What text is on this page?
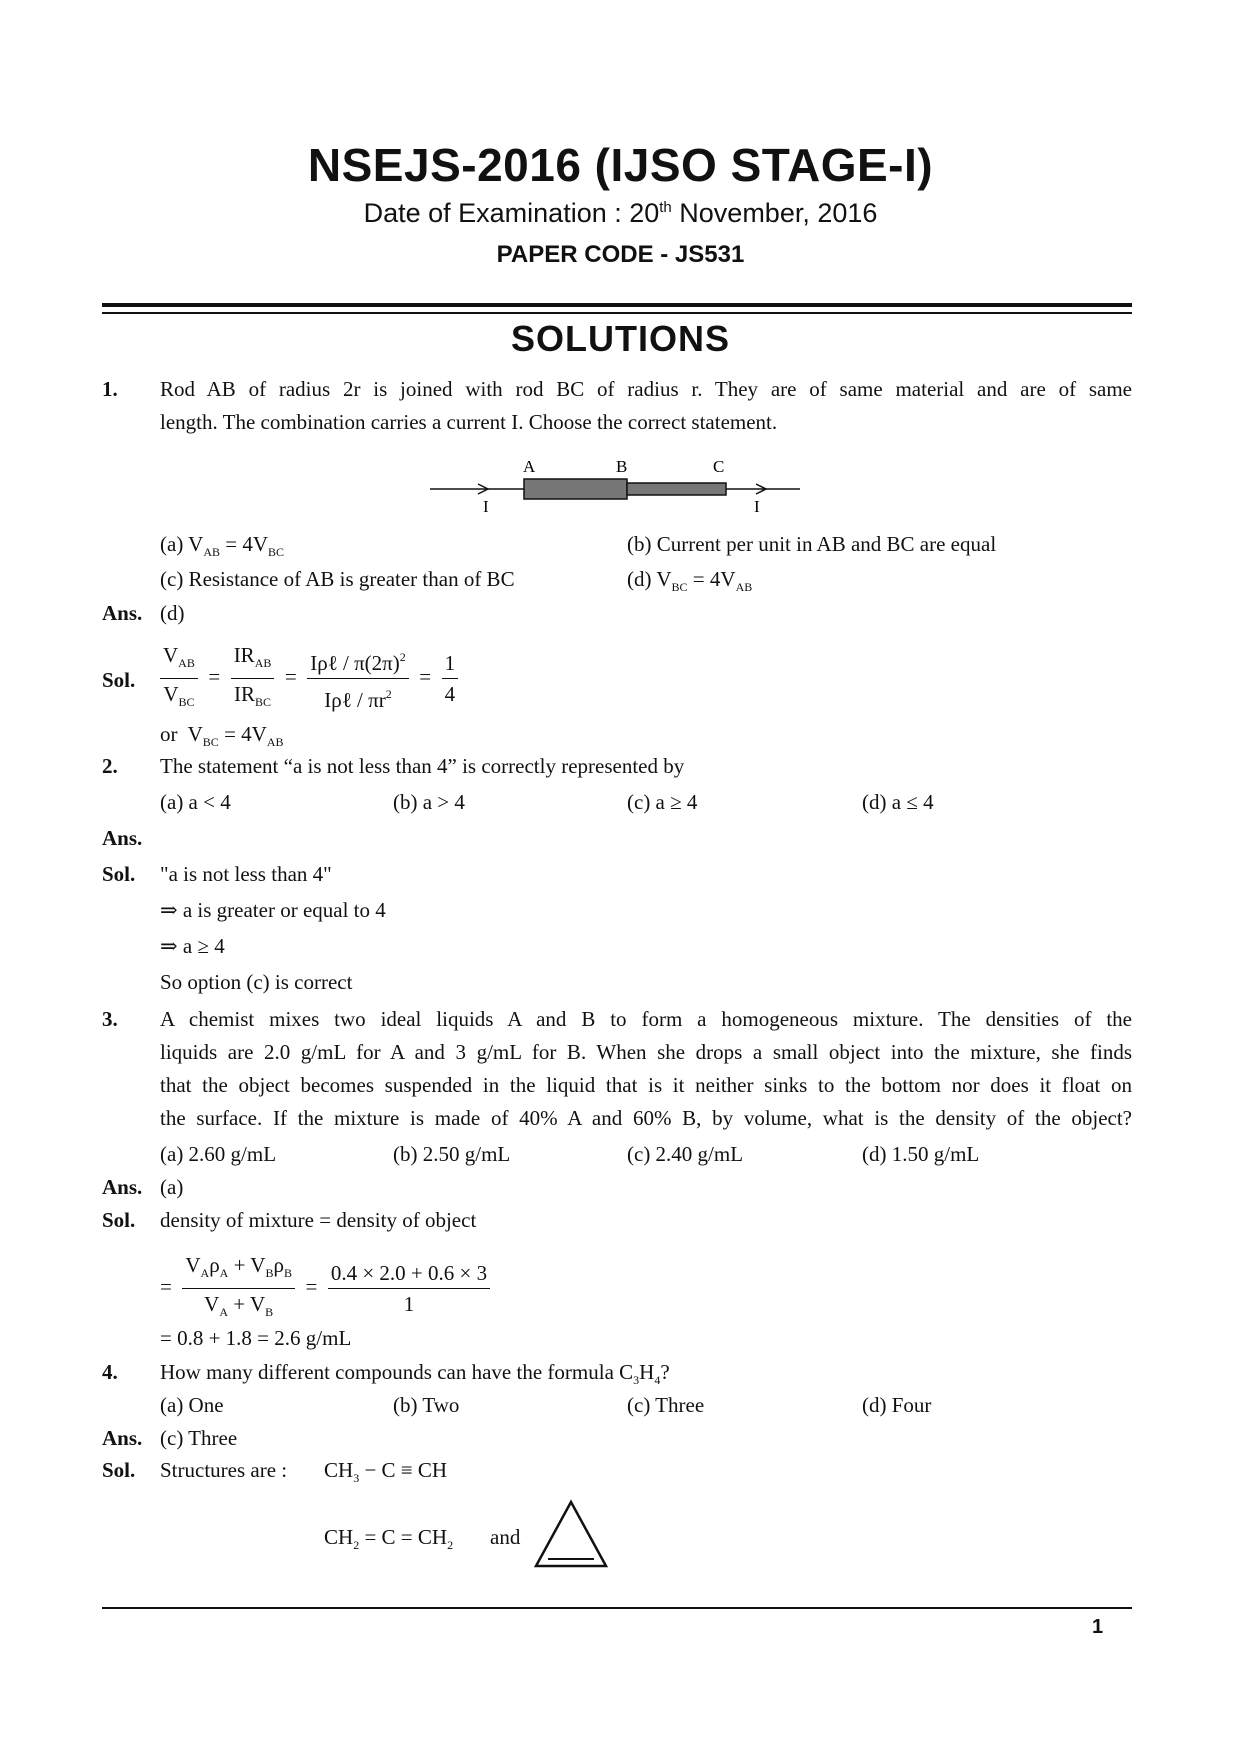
NSEJS-2016 (IJSO STAGE-I)
Date of Examination : 20th November, 2016
PAPER CODE - JS531
SOLUTIONS
1. Rod AB of radius 2r is joined with rod BC of radius r. They are of same material and are of same
length. The combination carries a current I. Choose the correct statement.
A	B	C
I	I
(a) $V_{AB} = 4V_{BC}$	(b) Current per unit in AB and BC are equal
(c) Resistance of AB is greater than of BC	(d) $V_{BC} = 4V_{AB}$
Ans. (d)
Sol. $\frac{V_{AB}}{V_{BC}} = \frac{IR_{AB}}{IR_{BC}} = \frac{I\rho\ell / \pi(2\pi)^2}{I\rho\ell / \pi r^2} = \frac{1}{4}$
or  $V_{BC} = 4V_{AB}$
2. The statement “a is not less than 4” is correctly represented by
(a) a < 4	(b) a > 4	(c) a ≥ 4	(d) a ≤ 4
Ans.
Sol. "a is not less than 4"
⇒ a is greater or equal to 4
⇒ a ≥ 4
So option (c) is correct
3. A chemist mixes two ideal liquids A and B to form a homogeneous mixture. The densities of the
liquids are 2.0 g/mL for A and 3 g/mL for B. When she drops a small object into the mixture, she finds
that the object becomes suspended in the liquid that is it neither sinks to the bottom nor does it float on
the surface. If the mixture is made of 40% A and 60% B, by volume, what is the density of the object?
(a) 2.60 g/mL	(b) 2.50 g/mL	(c) 2.40 g/mL	(d) 1.50 g/mL
Ans. (a)
Sol. density of mixture = density of object
= $\frac{V_A\rho_A + V_B\rho_B}{V_A + V_B} = \frac{0.4 \times 2.0 + 0.6 \times 3}{1}$
= 0.8 + 1.8 = 2.6 g/mL
4. How many different compounds can have the formula $C_3H_4$?
(a) One	(b) Two	(c) Three	(d) Four
Ans. (c) Three
Sol. Structures are : $CH_3 - C$ ≡ CH
$CH_2 = C = CH_2$ and
1
